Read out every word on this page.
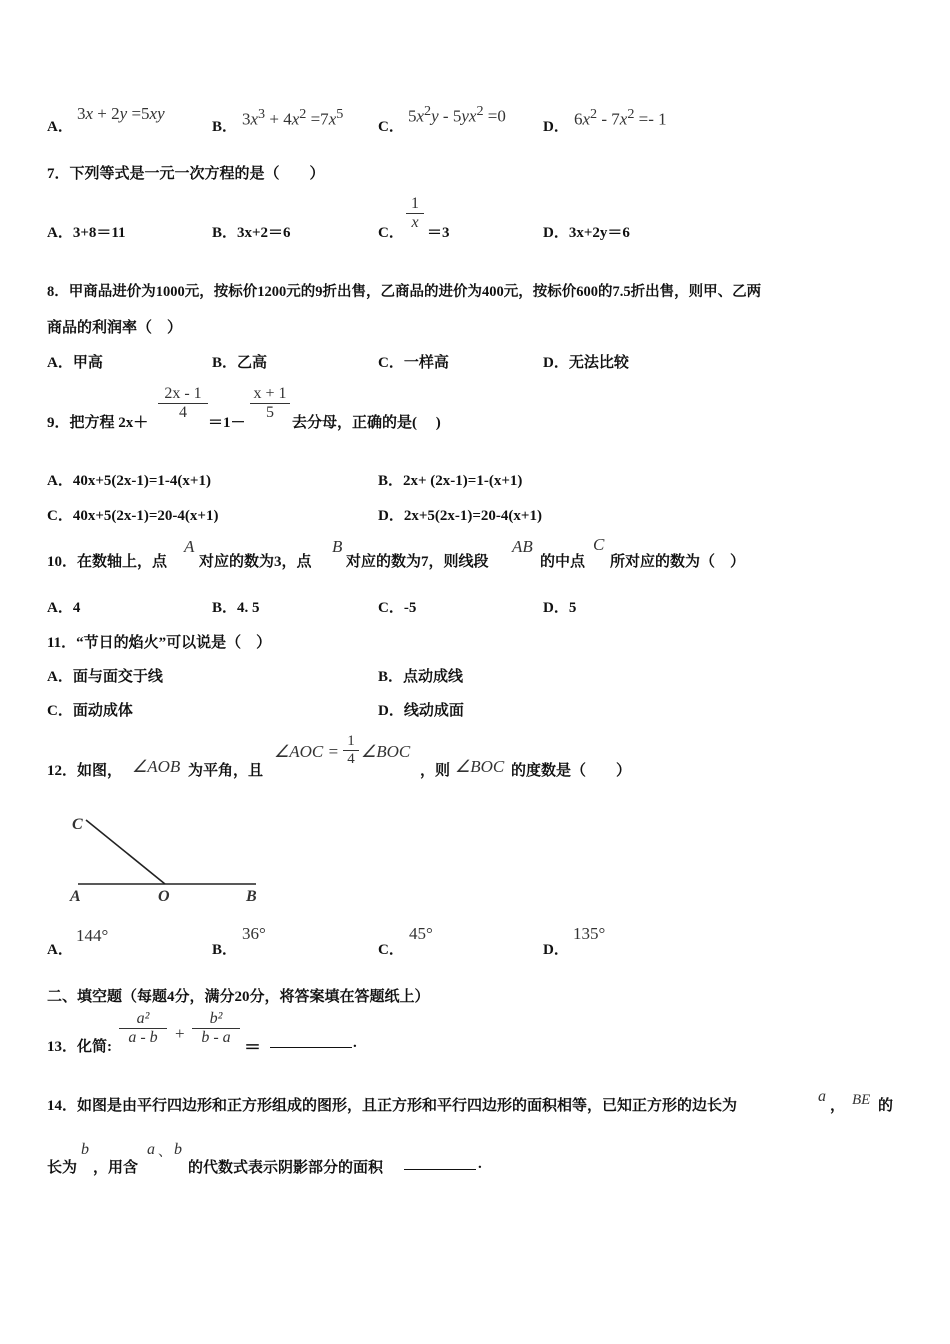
A．
3x + 2y =5xy
B． $3x^3 + 4x^2 =7x^5$
C．
$5x^2y - 5yx^2 =0$
D． $6x^2 - 7x^2 =- 1$
7．下列等式是一元一次方程的是（　　）
A．3+8＝11	B．3x+2＝6	C．
$\frac{1}{x}$
＝3	D．3x+2y＝6
8．甲商品进价为1000元，按标价1200元的9折出售，乙商品的进价为400元，按标价600的7.5折出售，则甲、乙两
商品的利润率（　）
A．甲高	B．乙高	C．一样高	D．无法比较
9．把方程 2x＋
$\frac{2x - 1}{4}$
＝1－
$\frac{x + 1}{5}$
去分母，正确的是(　 )
A．40x+5(2x-1)=1-4(x+1)	B．2x+ (2x-1)=1-(x+1)
C．40x+5(2x-1)=20-4(x+1)	D．2x+5(2x-1)=20-4(x+1)
10．在数轴上，点
A
对应的数为3，点
B
对应的数为7，则线段
AB
的中点
C
所对应的数为（　）
A．4	B．4. 5	C．-5	D．5
11．“节日的焰火”可以说是（　）
A．面与面交于线	B．点动成线
C．面动成体	D．线动成面
12．如图， ∠AOB 为平角，且
∠AOC = $\frac{1}{4}$ ∠BOC
，则 ∠BOC 的度数是（　　）
C
A	O	B
A．
144°
B．
36°
C．
45°
D．
135°
二、填空题（每题4分，满分20分，将答案填在答题纸上）
13．化简: $\frac{\text{a²}}{a - b} + \frac{\text{b²}}{b - a}$
＝	.
14．如图是由平行四边形和正方形组成的图形，且正方形和平行四边形的面积相等，已知正方形的边长为
a
， BE 的
长为
b
，用含
a 、 b
的代数式表示阴影部分的面积	.
